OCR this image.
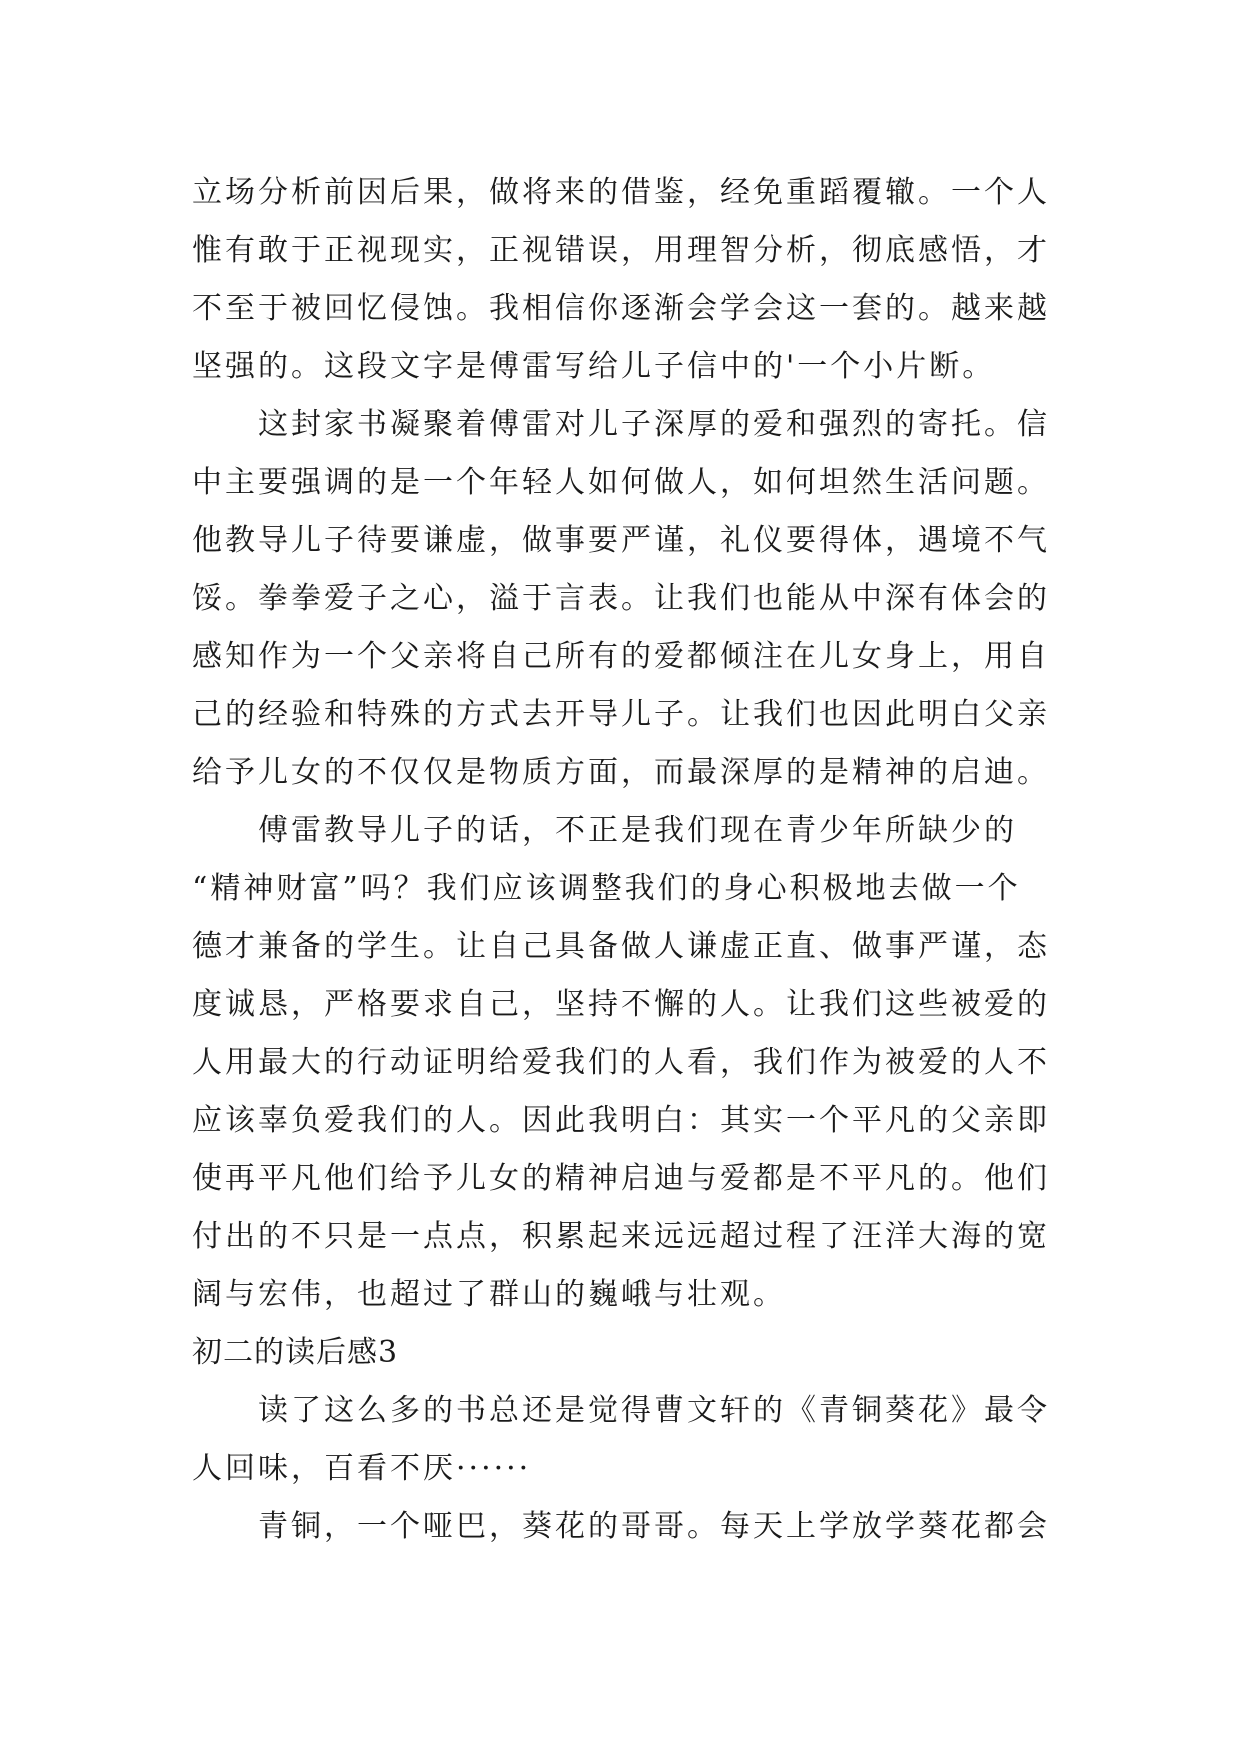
立场分析前因后果，做将来的借鉴，经免重蹈覆辙。一个人
惟有敢于正视现实，正视错误，用理智分析，彻底感悟，才
不至于被回忆侵蚀。我相信你逐渐会学会这一套的。越来越
坚强的。这段文字是傅雷写给儿子信中的'一个小片断。
　　这封家书凝聚着傅雷对儿子深厚的爱和强烈的寄托。信
中主要强调的是一个年轻人如何做人，如何坦然生活问题。
他教导儿子待要谦虚，做事要严谨，礼仪要得体，遇境不气
馁。拳拳爱子之心，溢于言表。让我们也能从中深有体会的
感知作为一个父亲将自己所有的爱都倾注在儿女身上，用自
己的经验和特殊的方式去开导儿子。让我们也因此明白父亲
给予儿女的不仅仅是物质方面，而最深厚的是精神的启迪。
　　傅雷教导儿子的话，不正是我们现在青少年所缺少的
“精神财富”吗？我们应该调整我们的身心积极地去做一个
德才兼备的学生。让自己具备做人谦虚正直、做事严谨，态
度诚恳，严格要求自己，坚持不懈的人。让我们这些被爱的
人用最大的行动证明给爱我们的人看，我们作为被爱的人不
应该辜负爱我们的人。因此我明白：其实一个平凡的父亲即
使再平凡他们给予儿女的精神启迪与爱都是不平凡的。他们
付出的不只是一点点，积累起来远远超过程了汪洋大海的宽
阔与宏伟，也超过了群山的巍峨与壮观。
初二的读后感3
　　读了这么多的书总还是觉得曹文轩的《青铜葵花》最令
人回味，百看不厌······
　　青铜，一个哑巴，葵花的哥哥。每天上学放学葵花都会
